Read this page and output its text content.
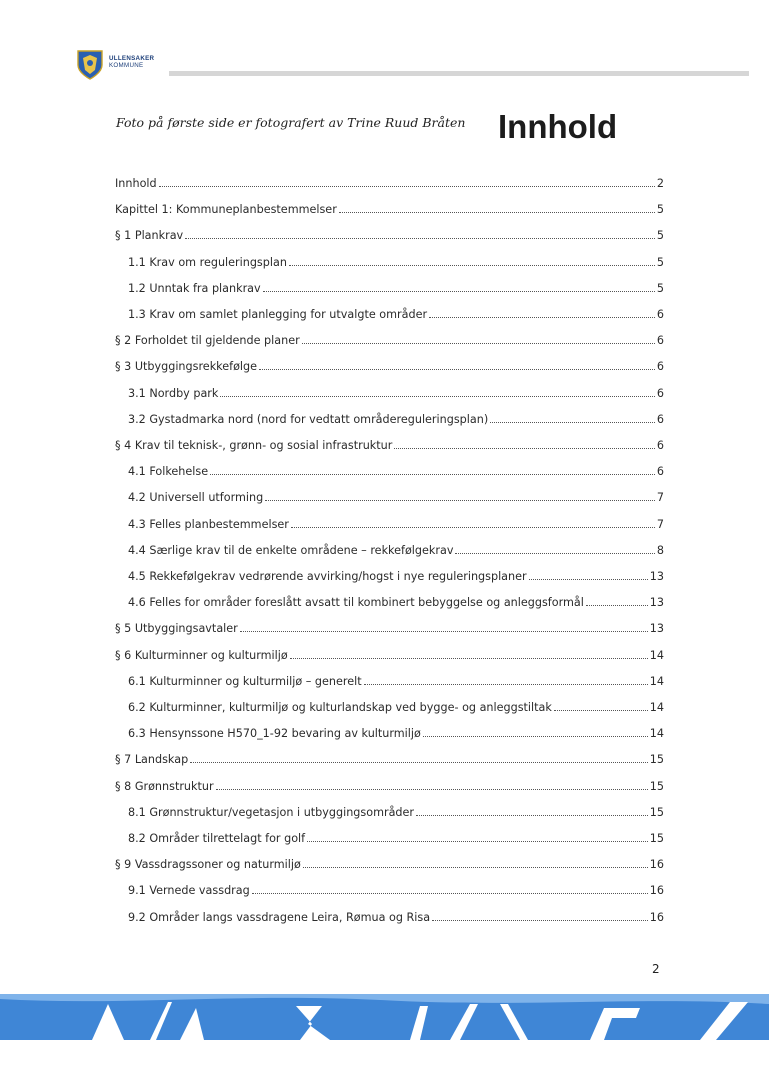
ULLENSAKER
KOMMUNE
Foto på første side er fotografert av Trine Ruud Bråten Innhold
Innhold	2
Kapittel 1: Kommuneplanbestemmelser	5
§ 1 Plankrav	5
1.1 Krav om reguleringsplan	5
1.2 Unntak fra plankrav	5
1.3 Krav om samlet planlegging for utvalgte områder	6
§ 2 Forholdet til gjeldende planer	6
§ 3 Utbyggingsrekkefølge	6
3.1 Nordby park	6
3.2 Gystadmarka nord (nord for vedtatt områdereguleringsplan)	6
§ 4 Krav til teknisk-, grønn- og sosial infrastruktur	6
4.1 Folkehelse	6
4.2 Universell utforming	7
4.3 Felles planbestemmelser	7
4.4 Særlige krav til de enkelte områdene – rekkefølgekrav	8
4.5 Rekkefølgekrav vedrørende avvirking/hogst i nye reguleringsplaner	13
4.6 Felles for områder foreslått avsatt til kombinert bebyggelse og anleggsformål	13
§ 5 Utbyggingsavtaler	13
§ 6 Kulturminner og kulturmiljø	14
6.1 Kulturminner og kulturmiljø – generelt	14
6.2 Kulturminner, kulturmiljø og kulturlandskap ved bygge- og anleggstiltak	14
6.3 Hensynssone H570_1-92 bevaring av kulturmiljø	14
§ 7 Landskap	15
§ 8 Grønnstruktur	15
8.1 Grønnstruktur/vegetasjon i utbyggingsområder	15
8.2 Områder tilrettelagt for golf	15
§ 9 Vassdragssoner og naturmiljø	16
9.1 Vernede vassdrag	16
9.2 Områder langs vassdragene Leira, Rømua og Risa	16
2
